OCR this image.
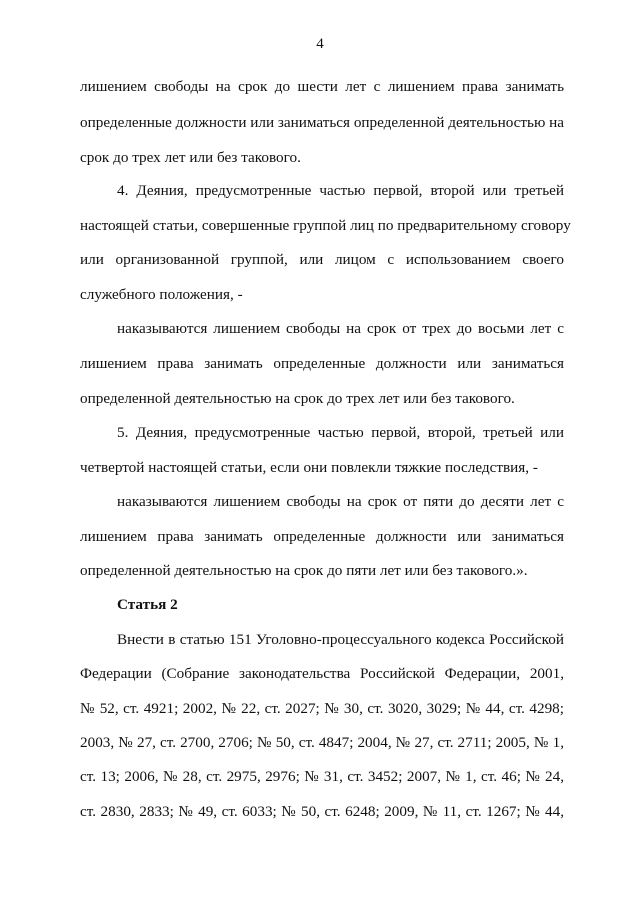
4
лишением свободы на срок до шести лет с лишением права занимать
определенные должности или заниматься определенной деятельностью на
срок до трех лет или без такового.
4. Деяния, предусмотренные частью первой, второй или третьей
настоящей статьи, совершенные группой лиц по предварительному сговору
или организованной группой, или лицом с использованием своего
служебного положения, -
наказываются лишением свободы на срок от трех до восьми лет с
лишением права занимать определенные должности или заниматься
определенной деятельностью на срок до трех лет или без такового.
5. Деяния, предусмотренные частью первой, второй, третьей или
четвертой настоящей статьи, если они повлекли тяжкие последствия, -
наказываются лишением свободы на срок от пяти до десяти лет с
лишением права занимать определенные должности или заниматься
определенной деятельностью на срок до пяти лет или без такового.».
Статья 2
Внести в статью 151 Уголовно-процессуального кодекса Российской
Федерации (Собрание законодательства Российской Федерации, 2001,
№ 52, ст. 4921; 2002, № 22, ст. 2027; № 30, ст. 3020, 3029; № 44, ст. 4298;
2003, № 27, ст. 2700, 2706; № 50, ст. 4847; 2004, № 27, ст. 2711; 2005, № 1,
ст. 13; 2006, № 28, ст. 2975, 2976; № 31, ст. 3452; 2007, № 1, ст. 46; № 24,
ст. 2830, 2833; № 49, ст. 6033; № 50, ст. 6248; 2009, № 11, ст. 1267; № 44,
